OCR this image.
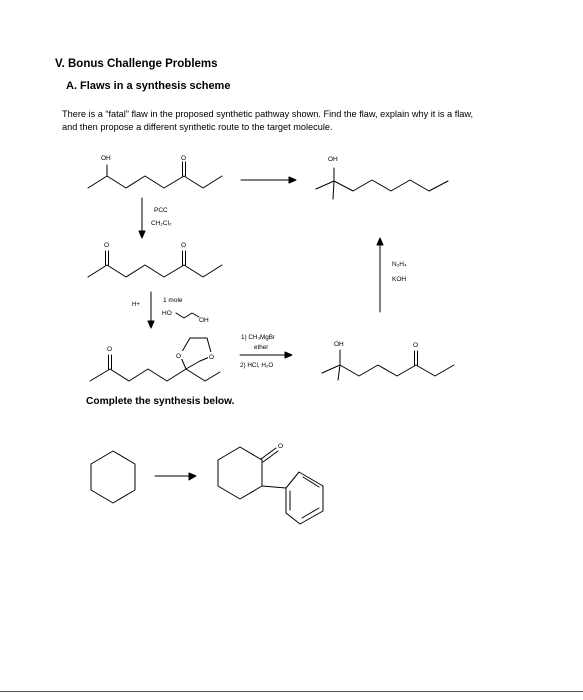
V. Bonus Challenge Problems
A. Flaws in a synthesis scheme
There is a “fatal” flaw in the proposed synthetic pathway shown. Find the flaw, explain why it is a flaw,
and then propose a different synthetic route to the target molecule.
OH	O	OH
PCC
CH₂Cl₂
O	O
H+
1 mole
HO
OH
O
O	O
1) CH₃MgBr
ether
2) HCl, H₂O
OH	O
N₂H₄
KOH
O
Complete the synthesis below.
